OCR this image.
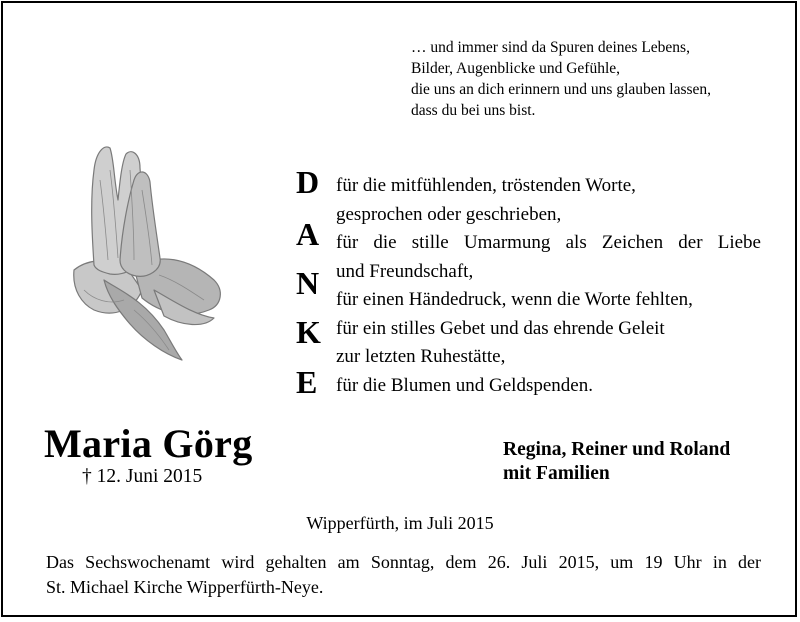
… und immer sind da Spuren deines Lebens,
Bilder, Augenblicke und Gefühle,
die uns an dich erinnern und uns glauben lassen,
dass du bei uns bist.
D
A
N
K
E
für die mitfühlenden, tröstenden Worte,
gesprochen oder geschrieben,
für die stille Umarmung als Zeichen der Liebe
und Freundschaft,
für einen Händedruck, wenn die Worte fehlten,
für ein stilles Gebet und das ehrende Geleit
zur letzten Ruhestätte,
für die Blumen und Geldspenden.
Maria Görg
† 12. Juni 2015
Regina, Reiner und Roland
mit Familien
Wipperfürth, im Juli 2015
Das Sechswochenamt wird gehalten am Sonntag, dem 26. Juli 2015, um 19 Uhr in der
St. Michael Kirche Wipperfürth-Neye.
